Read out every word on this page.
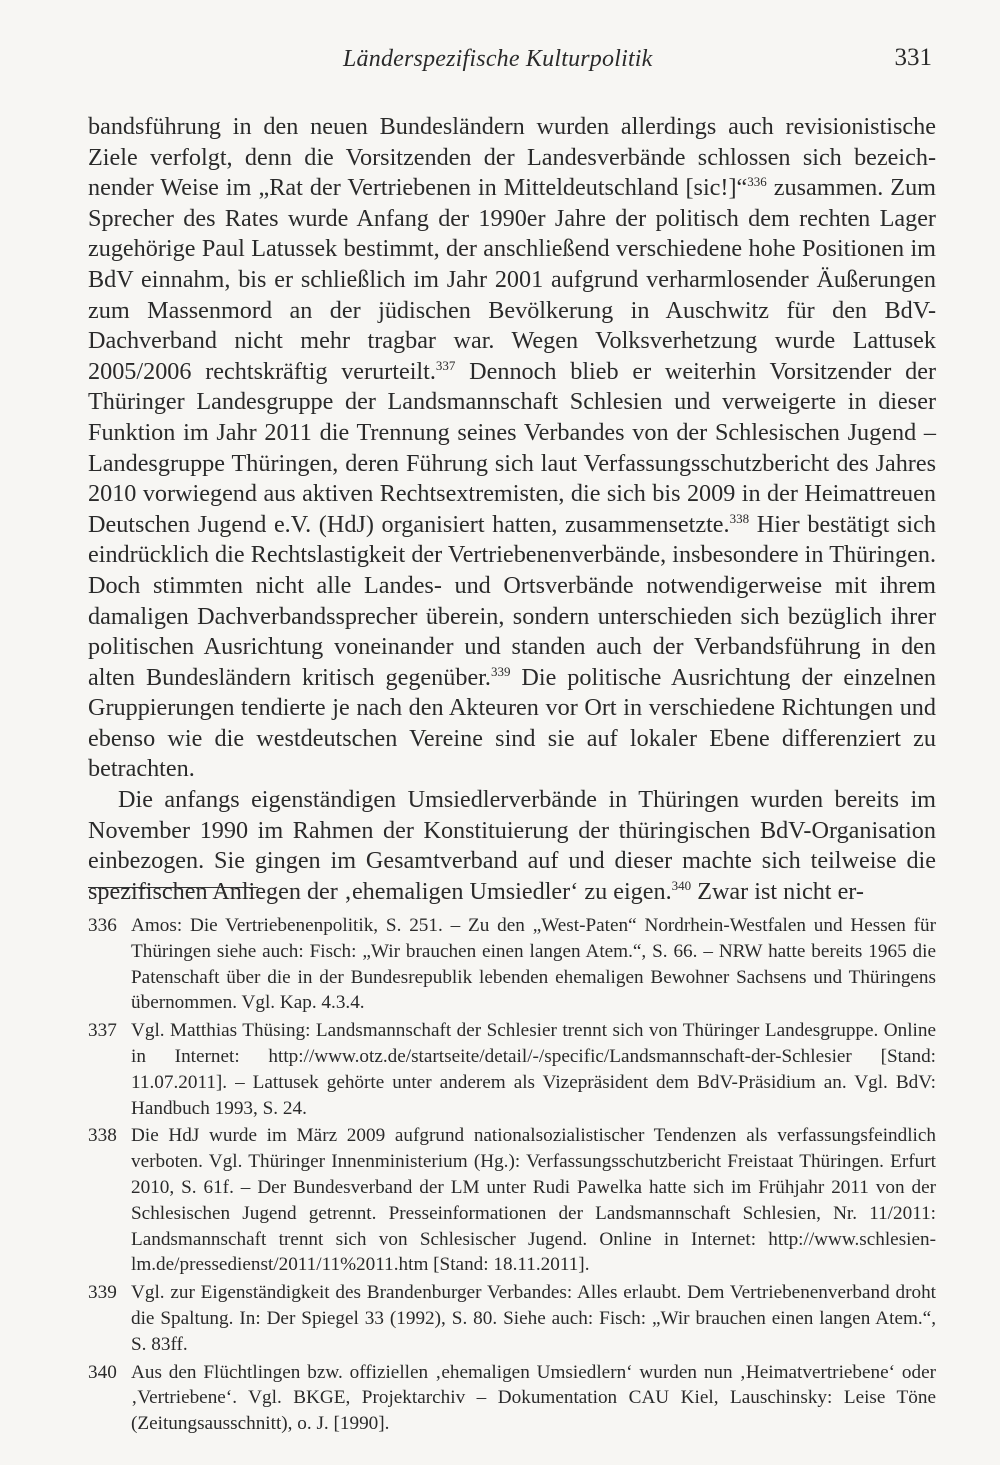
Länderspezifische Kulturpolitik	331

bandsführung in den neuen Bundesländern wurden allerdings auch revisionistische Ziele verfolgt, denn die Vorsitzenden der Landesverbände schlossen sich bezeichnender Weise im „Rat der Vertriebenen in Mitteldeutschland [sic!]“$^{336}$ zusammen. Zum Sprecher des Rates wurde Anfang der 1990er Jahre der politisch dem rechten Lager zugehörige Paul Latussek bestimmt, der anschließend verschiedene hohe Positionen im BdV einnahm, bis er schließlich im Jahr 2001 aufgrund verharmlosender Äußerungen zum Massenmord an der jüdischen Bevölkerung in Auschwitz für den BdV-Dachverband nicht mehr tragbar war. Wegen Volksverhetzung wurde Lattusek 2005/2006 rechtskräftig verurteilt.$^{337}$ Dennoch blieb er weiterhin Vorsitzender der Thüringer Landesgruppe der Landsmannschaft Schlesien und verweigerte in dieser Funktion im Jahr 2011 die Trennung seines Verbandes von der Schlesischen Jugend – Landesgruppe Thüringen, deren Führung sich laut Verfassungsschutzbericht des Jahres 2010 vorwiegend aus aktiven Rechtsextremisten, die sich bis 2009 in der Heimattreuen Deutschen Jugend e.V. (HdJ) organisiert hatten, zusammensetzte.$^{338}$ Hier bestätigt sich eindrücklich die Rechtslastigkeit der Vertriebenenverbände, insbesondere in Thüringen. Doch stimmten nicht alle Landes- und Ortsverbände notwendigerweise mit ihrem damaligen Dachverbandssprecher überein, sondern unterschieden sich bezüglich ihrer politischen Ausrichtung voneinander und standen auch der Verbandsführung in den alten Bundesländern kritisch gegenüber.$^{339}$ Die politische Ausrichtung der einzelnen Gruppierungen tendierte je nach den Akteuren vor Ort in verschiedene Richtungen und ebenso wie die westdeutschen Vereine sind sie auf lokaler Ebene differenziert zu betrachten.

Die anfangs eigenständigen Umsiedlerverbände in Thüringen wurden bereits im November 1990 im Rahmen der Konstituierung der thüringischen BdV-Organisation einbezogen. Sie gingen im Gesamtverband auf und dieser machte sich teilweise die spezifischen Anliegen der ‚ehemaligen Umsiedler‘ zu eigen.$^{340}$ Zwar ist nicht er-

336 Amos: Die Vertriebenenpolitik, S. 251. – Zu den „West-Paten“ Nordrhein-Westfalen und Hessen für Thüringen siehe auch: Fisch: „Wir brauchen einen langen Atem.“, S. 66. – NRW hatte bereits 1965 die Patenschaft über die in der Bundesrepublik lebenden ehemaligen Bewohner Sachsens und Thüringens übernommen. Vgl. Kap. 4.3.4.
337 Vgl. Matthias Thüsing: Landsmannschaft der Schlesier trennt sich von Thüringer Landesgruppe. Online in Internet: http://www.otz.de/startseite/detail/-/specific/Landsmannschaft-der-Schlesier [Stand: 11.07.2011]. – Lattusek gehörte unter anderem als Vizepräsident dem BdV-Präsidium an. Vgl. BdV: Handbuch 1993, S. 24.
338 Die HdJ wurde im März 2009 aufgrund nationalsozialistischer Tendenzen als verfassungsfeindlich verboten. Vgl. Thüringer Innenministerium (Hg.): Verfassungsschutzbericht Freistaat Thüringen. Erfurt 2010, S. 61f. – Der Bundesverband der LM unter Rudi Pawelka hatte sich im Frühjahr 2011 von der Schlesischen Jugend getrennt. Presseinformationen der Landsmannschaft Schlesien, Nr. 11/2011: Landsmannschaft trennt sich von Schlesischer Jugend. Online in Internet: http://www.schlesien-lm.de/pressedienst/2011/11%2011.htm [Stand: 18.11.2011].
339 Vgl. zur Eigenständigkeit des Brandenburger Verbandes: Alles erlaubt. Dem Vertriebenenverband droht die Spaltung. In: Der Spiegel 33 (1992), S. 80. Siehe auch: Fisch: „Wir brauchen einen langen Atem.“, S. 83ff.
340 Aus den Flüchtlingen bzw. offiziellen ‚ehemaligen Umsiedlern‘ wurden nun ‚Heimatvertriebene‘ oder ‚Vertriebene‘. Vgl. BKGE, Projektarchiv – Dokumentation CAU Kiel, Lauschinsky: Leise Töne (Zeitungsausschnitt), o. J. [1990].
